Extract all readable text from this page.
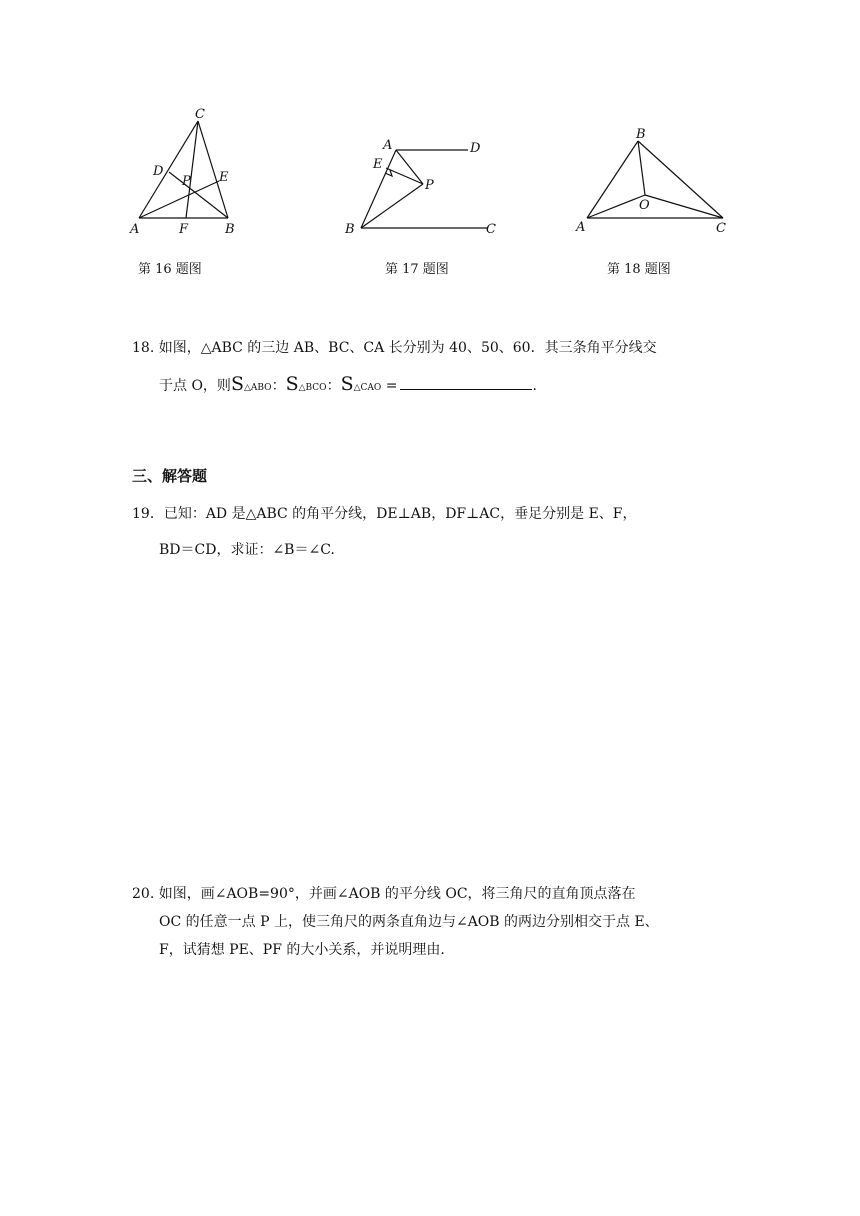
C
D	E
P
A	F	B
第 16 题图
A	D
E
P
B	C
第 17 题图
B
O
A	C
第 18 题图
18. 如图，△ABC 的三边 AB、BC、CA 长分别为 40、50、60．其三条角平分线交
于点 O，则S△ABO：S△BCO：S△CAO =	.
三、解答题
19．已知：AD 是△ABC 的角平分线，DE⊥AB，DF⊥AC，垂足分别是 E、F，
BD＝CD，求证：∠B＝∠C.
20. 如图，画∠AOB=90°，并画∠AOB 的平分线 OC，将三角尺的直角顶点落在
OC 的任意一点 P 上，使三角尺的两条直角边与∠AOB 的两边分别相交于点 E、
F，试猜想 PE、PF 的大小关系，并说明理由.
